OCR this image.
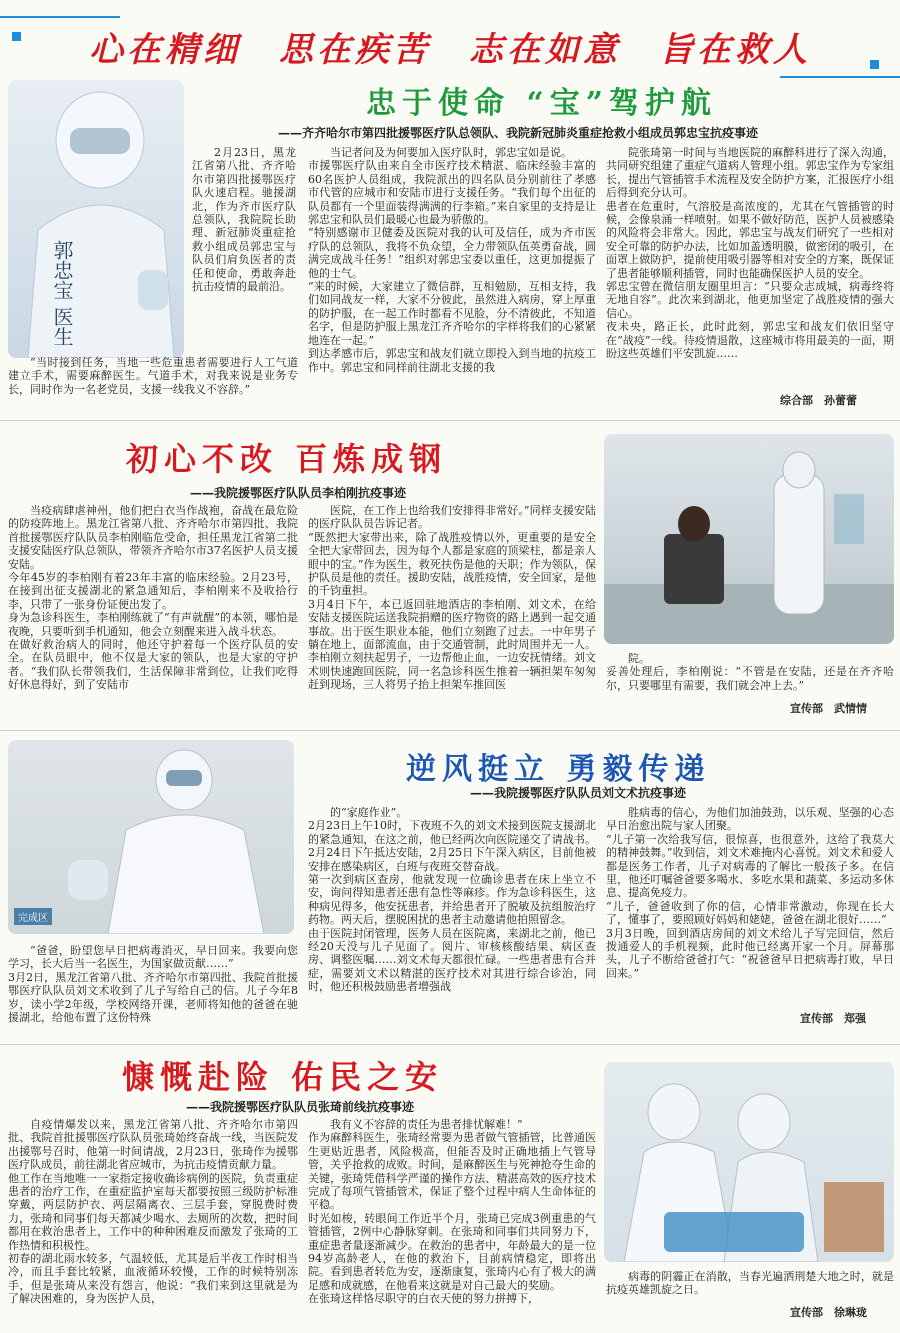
心在精细　思在疾苦　志在如意　旨在救人
郭忠宝 医生
忠于使命 “宝”驾护航
——齐齐哈尔市第四批援鄂医疗队总领队、我院新冠肺炎重症抢救小组成员郭忠宝抗疫事迹

2月23日，黑龙江省第八批、齐齐哈尔市第四批援鄂医疗队火速启程。驰援湖北，作为齐市医疗队总领队，我院院长助理、新冠肺炎重症抢救小组成员郭忠宝与队员们肩负医者的责任和使命，勇敢奔赴抗击疫情的最前沿。

“当时接到任务，当地一些危重患者需要进行人工气道建立手术，需要麻醉医生。气道手术，对我来说是业务专长，同时作为一名老党员，支援一线我义不容辞。”

当记者问及为何要加入医疗队时，郭忠宝如是说。
市援鄂医疗队由来自全市医疗技术精湛、临床经验丰富的60名医护人员组成，我院派出的四名队员分别前往了孝感市代管的应城市和安陆市进行支援任务。“我们每个出征的队员都有一个里面装得满满的行李箱。”来自家里的支持是让郭忠宝和队员们最暖心也最为骄傲的。
“特别感谢市卫健委及医院对我的认可及信任，成为齐市医疗队的总领队，我将不负众望，全力带领队伍英勇奋战，圆满完成战斗任务！”组织对郭忠宝委以重任，这更加提振了他的士气。
“来的时候，大家建立了微信群，互相勉励，互相支持，我们如同战友一样，大家不分彼此，虽然进入病房，穿上厚重的防护服，在一起工作时都看不见脸，分不清彼此，不知道名字，但是防护服上黑龙江齐齐哈尔的字样将我们的心紧紧地连在一起。”
到达孝感市后，郭忠宝和战友们就立即投入到当地的抗疫工作中。郭忠宝和同样前往湖北支援的我

院张琦第一时间与当地医院的麻醉科进行了深入沟通，共同研究组建了重症气道病人管理小组。郭忠宝作为专家组长，提出气管插管手术流程及安全防护方案，汇报医疗小组后得到充分认可。
患者在危重时，气溶胶是高浓度的，尤其在气管插管的时候，会像泉涌一样喷射。如果不做好防范，医护人员被感染的风险将会非常大。因此，郭忠宝与战友们研究了一些相对安全可靠的防护办法，比如加盖透明膜，做密闭的吸引，在面罩上做防护，提前使用吸引器等相对安全的方案，既保证了患者能够顺利插管，同时也能确保医护人员的安全。
郭忠宝曾在微信朋友圈里坦言：“只要众志成城，病毒终将无地自容”。此次来到湖北，他更加坚定了战胜疫情的强大信心。
夜未央，路正长，此时此刻，郭忠宝和战友们依旧坚守在“战疫”一线。待疫情退散，这座城市将用最美的一面，期盼这些英雄们平安凯旋……

综合部　孙蕾蕾
初心不改 百炼成钢
——我院援鄂医疗队队员李柏刚抗疫事迹

当疫病肆虐神州，他们把白衣当作战袍，奋战在最危险的防疫阵地上。黑龙江省第八批、齐齐哈尔市第四批、我院首批援鄂医疗队队员李柏刚临危受命，担任黑龙江省第二批支援安陆医疗队总领队，带领齐齐哈尔市37名医护人员支援安陆。
今年45岁的李柏刚有着23年丰富的临床经验。2月23号，在接到出征支援湖北的紧急通知后，李柏刚来不及收拾行李，只带了一张身份证便出发了。
身为急诊科医生，李柏刚练就了“有声就醒”的本领，哪怕是夜晚，只要听到手机通知，他会立刻醒来进入战斗状态。
在做好救治病人的同时，他还守护着每一个医疗队员的安全。在队员眼中，他不仅是大家的领队，也是大家的守护者。“我们队长带领我们，生活保障非常到位，让我们吃得好休息得好，到了安陆市

医院，在工作上也给我们安排得非常好。”同样支援安陆的医疗队队员告诉记者。
“既然把大家带出来，除了战胜疫情以外，更重要的是安全全把大家带回去，因为每个人都是家庭的顶梁柱，都是亲人眼中的宝。”作为医生，救死扶伤是他的天职；作为领队，保护队员是他的责任。援助安陆，战胜疫情，安全回家，是他的千钧重担。
3月4日下午，本已返回驻地酒店的李柏刚、刘文术，在给安陆支援医院运送我院捐赠的医疗物资的路上遇到一起交通事故。出于医生职业本能，他们立刻跑了过去。一中年男子躺在地上，面部流血，由于交通管制，此时周围并无一人。李柏刚立刻扶起男子，一边帮他止血，一边安抚情绪。刘文术则快速跑回医院，同一名急诊科医生推着一辆担架车匆匆赶到现场，三人将男子抬上担架车推回医

院。
妥善处理后，李柏刚说：“不管是在安陆，还是在齐齐哈尔，只要哪里有需要，我们就会冲上去。”

宣传部　武情情
完成区
逆风挺立 勇毅传递
——我院援鄂医疗队队员刘文术抗疫事迹

“爸爸，盼望您早日把病毒消灭，早日回来。我要向您学习，长大后当一名医生，为国家做贡献……”
3月2日，黑龙江省第八批、齐齐哈尔市第四批、我院首批援鄂医疗队队员刘文术收到了儿子写给自己的信。儿子今年8岁，读小学2年级，学校网络开课，老师将知他的爸爸在驰援湖北，给他布置了这份特殊

的“家庭作业”。
2月23日上午10时，下夜班不久的刘文术接到医院支援湖北的紧急通知，在这之前，他已经两次向医院递交了请战书。2月24日下午抵达安陆，2月25日下午深入病区，目前他被安排在感染病区，白班与夜班交替奋战。
第一次到病区查房，他就发现一位确诊患者在床上坐立不安，询问得知患者还患有急性等麻疹。作为急诊科医生，这种病见得多，他安抚患者，并给患者开了脱敏及抗组胺治疗药物。两天后，摆脱困扰的患者主动邀请他拍照留念。
由于医院封闭管理，医务人员在医院离，来湖北之前，他已经20天没与儿子见面了。阅片、审核核酸结果、病区查房、调整医嘱……刘文术每天都很忙碌。一些患者患有合并症，需要刘文术以精湛的医疗技术对其进行综合诊治，同时，他还积极鼓励患者增强战

胜病毒的信心，为他们加油鼓劲，以乐观、坚强的心态早日治愈出院与家人团聚。
“儿子第一次给我写信，很惊喜，也很意外，这给了我莫大的精神鼓舞。”收到信，刘文术难掩内心喜悦。刘文术和爱人都是医务工作者，儿子对病毒的了解比一般孩子多。在信里，他还叮嘱爸爸要多喝水、多吃水果和蔬菜、多运动多休息、提高免疫力。
“儿子，爸爸收到了你的信，心情非常激动，你现在长大了，懂事了，要照顾好妈妈和姥姥，爸爸在湖北很好……”
3月3日晚，回到酒店房间的刘文术给儿子写完回信，然后拨通爱人的手机视频，此时他已经离开家一个月。屏幕那头，儿子不断给爸爸打气：“祝爸爸早日把病毒打败，早日回来。”

宣传部　郑强
慷慨赴险 佑民之安
——我院援鄂医疗队队员张琦前线抗疫事迹

自疫情爆发以来，黑龙江省第八批、齐齐哈尔市第四批、我院首批援鄂医疗队队员张琦始终奋战一线，当医院发出援鄂号召时，他第一时间请战，2月23日，张琦作为援鄂医疗队成员，前往湖北省应城市，为抗击疫情贡献力量。
他工作在当地唯一一家指定接收确诊病例的医院，负责重症患者的治疗工作，在重症监护室每天都要按照三级防护标准穿戴，两层防护衣、两层隔离衣、三层手套，穿脱费时费力，张琦和同事们每天都减少喝水、去厕所的次数，把时间都用在救治患者上，工作中的种种困难反而激发了张琦的工作热情和积极性。
初春的湖北雨水较多，气温较低，尤其是后半夜工作时相当冷，而且手套比较紧，血液循环较慢，工作的时候特别冻手，但是张琦从来没有怨言，他说：“我们来到这里就是为了解决困难的，身为医护人员，

我有义不容辞的责任为患者排忧解难！”
作为麻醉科医生，张琦经常要为患者做气管插管，比普通医生更贴近患者，风险极高，但能否及时正确地插上气管导管，关乎抢救的成败。时间，是麻醉医生与死神抢夺生命的关键，张琦凭借科学严谨的操作方法、精湛高效的医疗技术完成了每项气管插管术，保证了整个过程中病人生命体征的平稳。
时光如梭，转眼间工作近半个月，张琦已完成3例重患的气管插管，2例中心静脉穿刺。在张琦和同事们共同努力下，重症患者量逐渐减少。在救治的患者中，年龄最大的是一位94岁高龄老人，在他的救治下，目前病情稳定，即将出院。看到患者转危为安，逐渐康复，张琦内心有了极大的满足感和成就感，在他看来这就是对自己最大的奖励。
在张琦这样恪尽职守的白衣天使的努力拼搏下，

病毒的阴霾正在消散，当春光遍洒荆楚大地之时，就是抗疫英雄凯旋之日。

宣传部　徐琳珑
